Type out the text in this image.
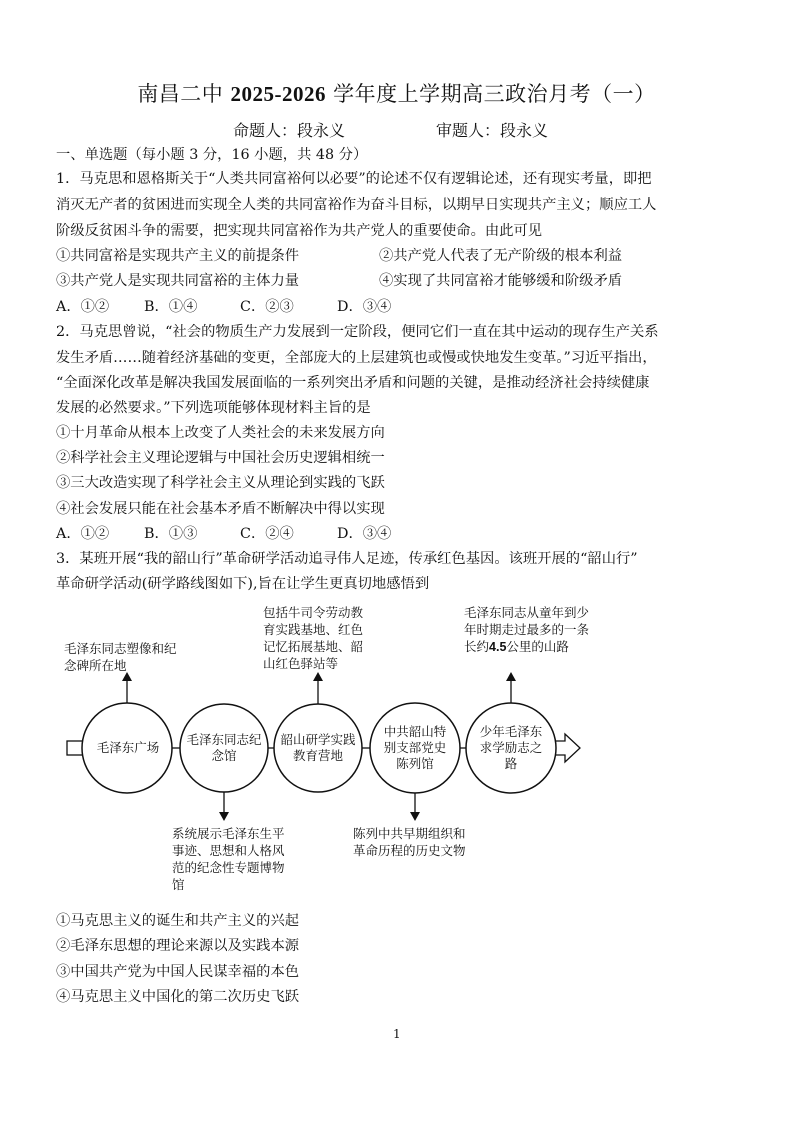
南昌二中 2025-2026 学年度上学期高三政治月考（一）
命题人：段永义	审题人：段永义
一、单选题（每小题 3 分，16 小题，共 48 分）
1．马克思和恩格斯关于“人类共同富裕何以必要”的论述不仅有逻辑论述，还有现实考量，即把
消灭无产者的贫困进而实现全人类的共同富裕作为奋斗目标，以期早日实现共产主义；顺应工人
阶级反贫困斗争的需要，把实现共同富裕作为共产党人的重要使命。由此可见
①共同富裕是实现共产主义的前提条件	②共产党人代表了无产阶级的根本利益
③共产党人是实现共同富裕的主体力量	④实现了共同富裕才能够缓和阶级矛盾
A．①② B．①④	C．②③	D．③④
2．马克思曾说，“社会的物质生产力发展到一定阶段，便同它们一直在其中运动的现存生产关系
发生矛盾……随着经济基础的变更，全部庞大的上层建筑也或慢或快地发生变革。”习近平指出，
“全面深化改革是解决我国发展面临的一系列突出矛盾和问题的关键，是推动经济社会持续健康
发展的必然要求。”下列选项能够体现材料主旨的是
①十月革命从根本上改变了人类社会的未来发展方向
②科学社会主义理论逻辑与中国社会历史逻辑相统一
③三大改造实现了科学社会主义从理论到实践的飞跃
④社会发展只能在社会基本矛盾不断解决中得以实现
A．①② B．①③	C．②④	D．③④
3．某班开展“我的韶山行”革命研学活动追寻伟人足迹，传承红色基因。该班开展的“韶山行”
革命研学活动(研学路线图如下),旨在让学生更真切地感悟到
毛泽东广场
毛泽东同志纪念馆
韶山研学实践教育营地
中共韶山特别支部党史陈列馆
少年毛泽东求学励志之路
毛泽东同志塑像和纪念碑所在地
包括牛司令劳动教育实践基地、红色记忆拓展基地、韶山红色驿站等
毛泽东同志从童年到少年时期走过最多的一条长约4.5公里的山路
系统展示毛泽东生平事迹、思想和人格风范的纪念性专题博物馆
陈列中共早期组织和革命历程的历史文物
①马克思主义的诞生和共产主义的兴起
②毛泽东思想的理论来源以及实践本源
③中国共产党为中国人民谋幸福的本色
④马克思主义中国化的第二次历史飞跃
1
